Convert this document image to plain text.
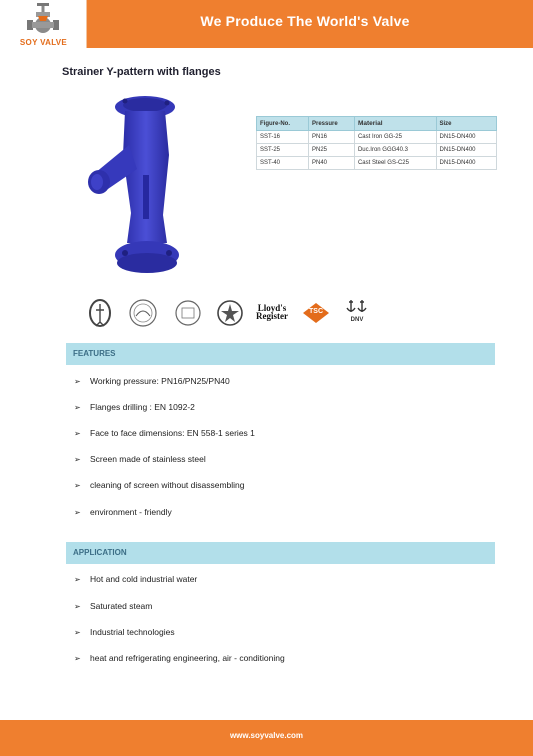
SOY VALVE
We Produce The World's Valve
Strainer Y-pattern with flanges
Figure-No.	Pressure	Material	Size
SST-16	PN16	Cast Iron GG-25	DN15-DN400
SST-25	PN25	Duc.Iron GGG40.3	DN15-DN400
SST-40	PN40	Cast Steel GS-C25	DN15-DN400
Lloyd's
Register	TSC
DNV
FEATURES
➢ Working pressure: PN16/PN25/PN40
➢ Flanges drilling : EN 1092-2
➢ Face to face dimensions: EN 558-1 series 1
➢ Screen made of stainless steel
➢ cleaning of screen without disassembling
➢ environment - friendly
APPLICATION
➢ Hot and cold industrial water
➢ Saturated steam
➢ Industrial technologies
➢ heat and refrigerating engineering, air - conditioning
www.soyvalve.com
